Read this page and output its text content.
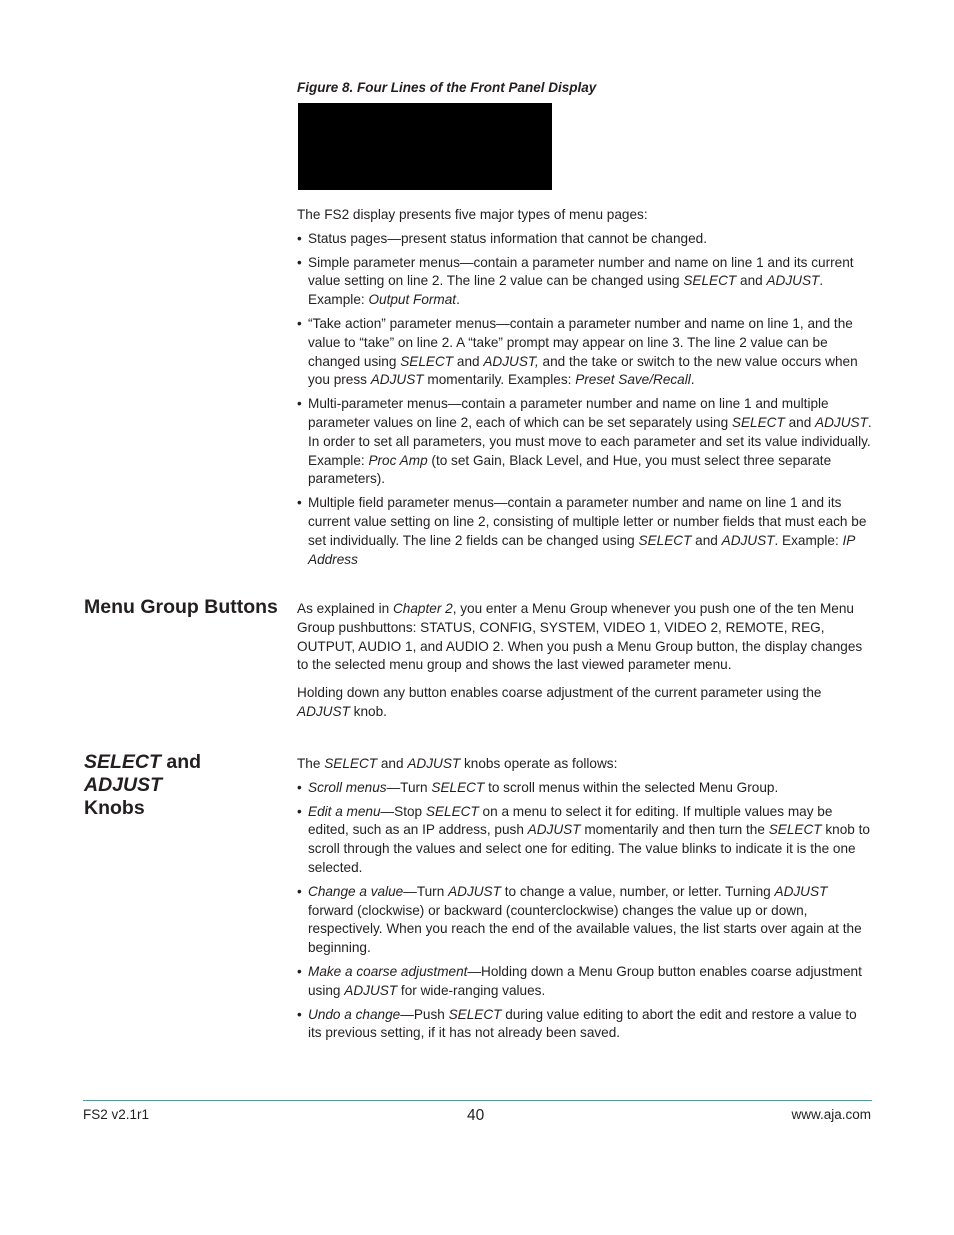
Figure 8. Four Lines of the Front Panel Display

The FS2 display presents five major types of menu pages:

• Status pages—present status information that cannot be changed.
• Simple parameter menus—contain a parameter number and name on line 1 and its current value setting on line 2. The line 2 value can be changed using SELECT and ADJUST. Example: Output Format.
• “Take action” parameter menus—contain a parameter number and name on line 1, and the value to “take” on line 2. A “take” prompt may appear on line 3. The line 2 value can be changed using SELECT and ADJUST, and the take or switch to the new value occurs when you press ADJUST momentarily. Examples: Preset Save/Recall.
• Multi-parameter menus—contain a parameter number and name on line 1 and multiple parameter values on line 2, each of which can be set separately using SELECT and ADJUST. In order to set all parameters, you must move to each parameter and set its value individually. Example: Proc Amp (to set Gain, Black Level, and Hue, you must select three separate parameters).
• Multiple field parameter menus—contain a parameter number and name on line 1 and its current value setting on line 2, consisting of multiple letter or number fields that must each be set individually. The line 2 fields can be changed using SELECT and ADJUST. Example: IP Address
Menu Group Buttons	As explained in Chapter 2, you enter a Menu Group whenever you push one of the ten Menu Group pushbuttons: STATUS, CONFIG, SYSTEM, VIDEO 1, VIDEO 2, REMOTE, REG, OUTPUT, AUDIO 1, and AUDIO 2. When you push a Menu Group button, the display changes to the selected menu group and shows the last viewed parameter menu.

Holding down any button enables coarse adjustment of the current parameter using the ADJUST knob.

SELECT and ADJUST
Knobs

The SELECT and ADJUST knobs operate as follows:

• Scroll menus—Turn SELECT to scroll menus within the selected Menu Group.
• Edit a menu—Stop SELECT on a menu to select it for editing. If multiple values may be edited, such as an IP address, push ADJUST momentarily and then turn the SELECT knob to scroll through the values and select one for editing. The value blinks to indicate it is the one selected.
• Change a value—Turn ADJUST to change a value, number, or letter. Turning ADJUST forward (clockwise) or backward (counterclockwise) changes the value up or down, respectively. When you reach the end of the available values, the list starts over again at the beginning.
• Make a coarse adjustment—Holding down a Menu Group button enables coarse adjustment using ADJUST for wide-ranging values.
• Undo a change—Push SELECT during value editing to abort the edit and restore a value to its previous setting, if it has not already been saved.
FS2 v2.1r1	40	www.aja.com
